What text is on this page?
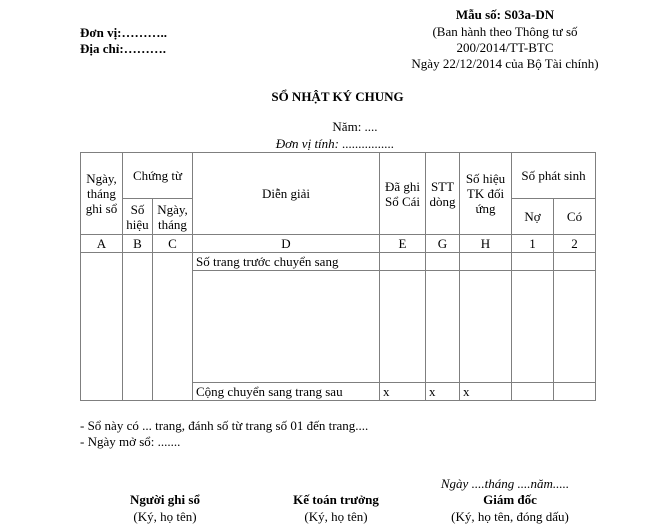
Đơn vị:………..
Địa chỉ:……….
Mẫu số: S03a-DN
(Ban hành theo Thông tư số
200/2014/TT-BTC
Ngày 22/12/2014 của Bộ Tài chính)
SỔ NHẬT KÝ CHUNG
Năm: ....
Đơn vị tính: ................
Ngày, tháng ghi sổ	Chứng từ		Diễn giải	Đã ghi Sổ Cái	STT dòng	Số hiệu TK đối ứng	Số phát sinh	
	Số hiệu	Ngày, tháng					Nợ	Có
A	B	C	D	E	G	H	1	2
			Số trang trước chuyển sang					

			Cộng chuyển sang trang sau	x	x	x		
- Sổ này có ... trang, đánh số từ trang số 01 đến trang....
- Ngày mở sổ: .......
Ngày ....tháng ....năm.....
Người ghi sổ
(Ký, họ tên)
Kế toán trưởng
(Ký, họ tên)
Giám đốc
(Ký, họ tên, đóng dấu)
